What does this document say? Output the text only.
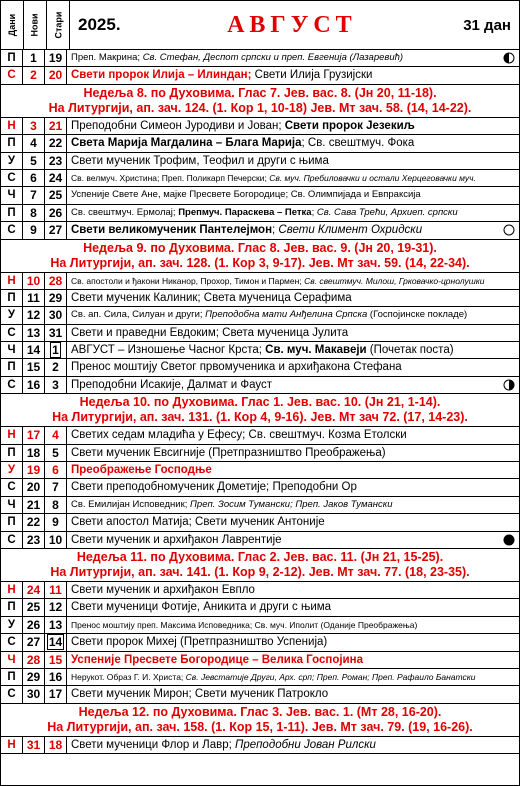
Дани Нови Стари 2025.	АВГУСТ	31 дан
П	1 19 Преп. Макрина; Св. Стефан, Деспот српски и преп. Евгенија (Лазаревић)
С	2 20 Свети пророк Илија – Илиндан; Свети Илија Грузијски
Недеља 8. по Духовима. Глас 7. Јев. вас. 8. (Јн 20, 11-18).
На Литургији, ап. зач. 124. (1. Кор 1, 10-18) Јев. Мт зач. 58. (14, 14-22).
Н	3 21 Преподобни Симеон Јуродиви и Јован; Свети пророк Језекиљ
П	4 22 Света Марија Магдалина – Блага Марија; Св. свештмуч. Фока
У	5 23 Свети мученик Трофим, Теофил и други с њима
С	6 24	Св. велмуч. Христина; Преп. Поликарп Печерски; Св. муч. Пребиловачки и остали Херцеговачки муч.
Ч	7 25 Успеније Свете Ане, мајке Пресвете Богородице; Св. Олимпијада и Евпраксија
П	8 26 Св. свештмуч. Ермолај; Препмуч. Параскева – Петка; Св. Сава Трећи, Архиеп. српски
С	9 27 Свети великомученик Пантелејмон; Свети Климент Охридски
Недеља 9. по Духовима. Глас 8. Јев. вас. 9. (Јн 20, 19-31).
На Литургији, ап. зач. 128. (1. Кор 3, 9-17). Јев. Мт зач. 59. (14, 22-34).
Н 10 28	Св. апостоли и ђакони Никанор, Прохор, Тимон и Пармен; Св. свештмуч. Милош, Грковачко-црнолушки
П 11 29 Свети мученик Калиник; Света мученица Серафима
У 12 30 Св. ап. Сила, Силуан и други; Преподобна мати Анђелина Српска (Госпојинске покладе)
С 13 31 Свети и праведни Евдоким; Света мученица Јулита
Ч 14 1	АВГУСТ – Изношење Часног Крста; Св. муч. Макавеји (Почетак поста)
П 15 2	Пренос моштију Светог првомученика и архиђакона Стефана
С 16 3	Преподобни Исакије, Далмат и Фауст
Недеља 10. по Духовима. Глас 1. Јев. вас. 10. (Јн 21, 1-14).
На Литургији, ап. зач. 131. (1. Кор 4, 9-16). Јев. Мт зач 72. (17, 14-23).
Н 17 4	Светих седам младића у Ефесу; Св. свештмуч. Козма Етолски
П 18 5	Свети мученик Евсигније (Претпразништво Преображења)
У 19 6	Преображење Господње
С 20 7	Свети преподобномученик Дометије; Преподобни Ор
Ч 21 8	Св. Емилијан Исповедник; Преп. Зосим Тумански; Преп. Јаков Тумански
П 22 9	Свети апостол Матија; Свети мученик Антоније
С 23 10 Свети мученик и архиђакон Лаврентије
Недеља 11. по Духовима. Глас 2. Јев. вас. 11. (Јн 21, 15-25).
На Литургији, ап. зач. 141. (1. Кор 9, 2-12). Јев. Мт зач. 77. (18, 23-35).
Н 24 11 Свети мученик и архиђакон Евпло
П 25 12 Свети мученици Фотије, Аникита и други с њима
У 26 13	Пренос моштију преп. Максима Исповедника; Св. муч. Иполит (Оданије Преображења)
С 27 14 Свети пророк Михеј (Претпразништво Успенија)
Ч 28 15 Успеније Пресвете Богородице – Велика Госпојина
П 29 16	Нерукот. Образ Г. И. Христа; Св. Јевстатије Други, Арх. срп; Преп. Роман; Преп. Рафаило Банатски
С 30 17 Свети мученик Мирон; Свети мученик Патрокло
Недеља 12. по Духовима. Глас 3. Јев. вас. 1. (Мт 28, 16-20).
На Литургији, ап. зач. 158. (1. Кор 15, 1-11). Јев. Мт зач. 79. (19, 16-26).
Н 31 18 Свети мученици Флор и Лавр; Преподобни Јован Рилски
